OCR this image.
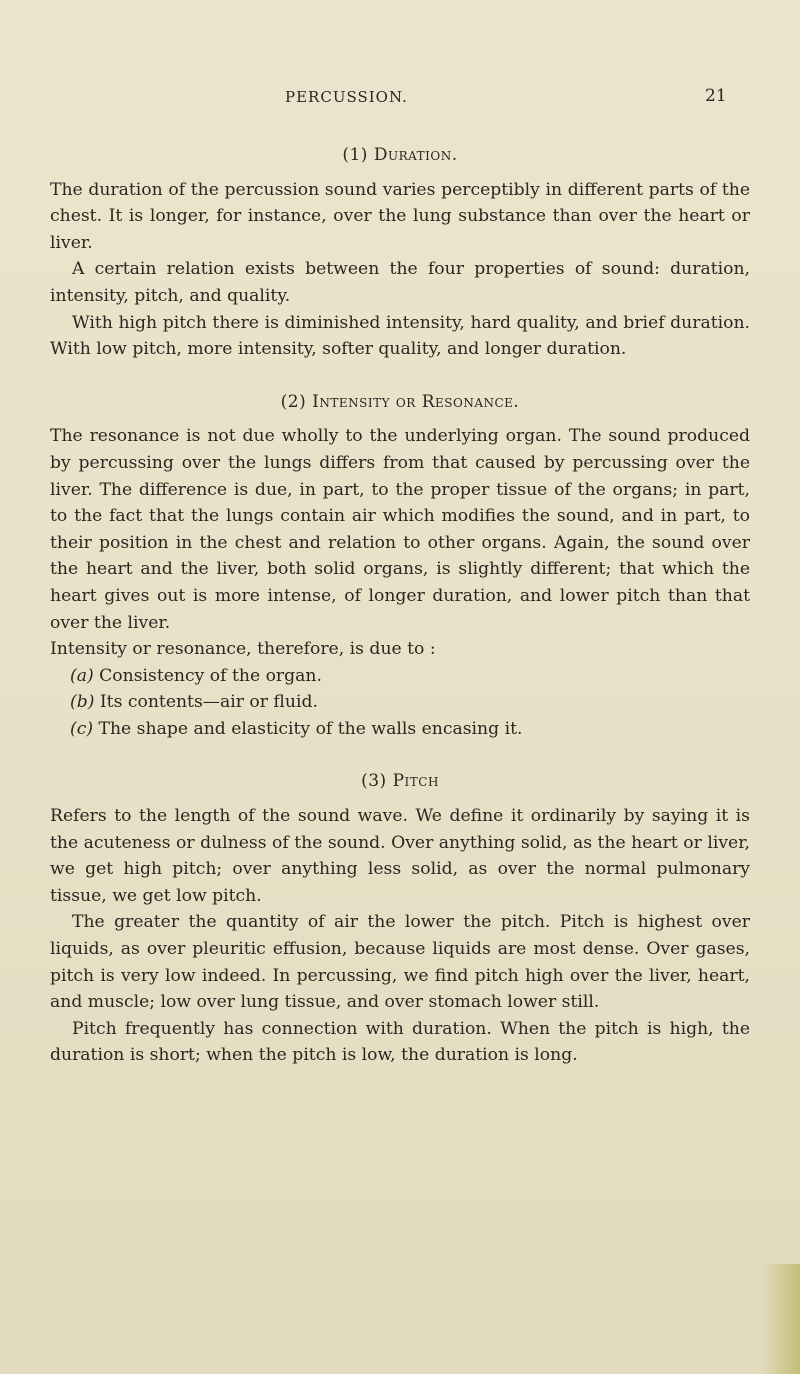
PERCUSSION.	21
(1) Duration.

The duration of the percussion sound varies perceptibly in different parts of the chest. It is longer, for instance, over the lung substance than over the heart or liver.

A certain relation exists between the four properties of sound: duration, intensity, pitch, and quality.

With high pitch there is diminished intensity, hard quality, and brief duration. With low pitch, more intensity, softer quality, and longer duration.

(2) Intensity or Resonance.

The resonance is not due wholly to the underlying organ. The sound produced by percussing over the lungs differs from that caused by percussing over the liver. The difference is due, in part, to the proper tissue of the organs; in part, to the fact that the lungs contain air which modifies the sound, and in part, to their position in the chest and relation to other organs. Again, the sound over the heart and the liver, both solid organs, is slightly different; that which the heart gives out is more intense, of longer duration, and lower pitch than that over the liver.

Intensity or resonance, therefore, is due to :

(a) Consistency of the organ.
(b) Its contents—air or fluid.
(c) The shape and elasticity of the walls encasing it.
(3) Pitch

Refers to the length of the sound wave. We define it ordinarily by saying it is the acuteness or dulness of the sound. Over anything solid, as the heart or liver, we get high pitch; over anything less solid, as over the normal pulmonary tissue, we get low pitch.

The greater the quantity of air the lower the pitch. Pitch is highest over liquids, as over pleuritic effusion, because liquids are most dense. Over gases, pitch is very low indeed. In percussing, we find pitch high over the liver, heart, and muscle; low over lung tissue, and over stomach lower still.

Pitch frequently has connection with duration. When the pitch is high, the duration is short; when the pitch is low, the duration is long.
